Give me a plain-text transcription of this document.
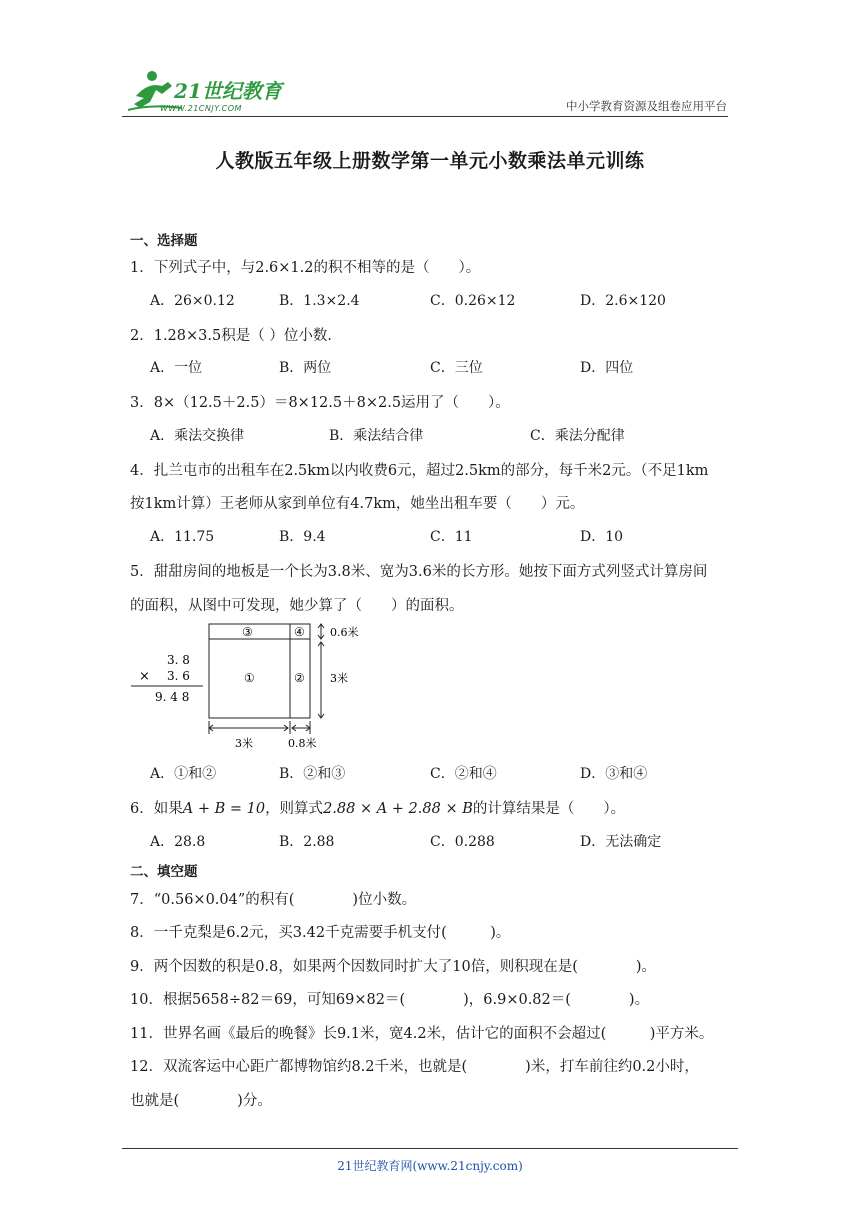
21世纪教育
WWW.21CNJY.COM	中小学教育资源及组卷应用平台
人教版五年级上册数学第一单元小数乘法单元训练
一、选择题
1．下列式子中，与2.6×1.2的积不相等的是（　　）。
A．26×0.12	B．1.3×2.4	C．0.26×12	D．2.6×120
2．1.28×3.5积是（ ）位小数．
A．一位	B．两位	C．三位	D．四位
3．8×（12.5＋2.5）＝8×12.5＋8×2.5运用了（　　）。
A．乘法交换律	B．乘法结合律	C．乘法分配律
4．扎兰屯市的出租车在2.5km以内收费6元，超过2.5km的部分，每千米2元。（不足1km
按1km计算）王老师从家到单位有4.7km，她坐出租车要（　　）元。
A．11.75	B．9.4	C．11	D．10
5．甜甜房间的地板是一个长为3.8米、宽为3.6米的长方形。她按下面方式列竖式计算房间
的面积，从图中可发现，她少算了（　　）的面积。
3. 8
× 3. 6
9. 4 8
③	④
①	②
0.6米
3米
3米	0.8米
A．①和②	B．②和③	C．②和④	D．③和④
6．如果A + B = 10，则算式2.88 × A + 2.88 × B的计算结果是（　　）。
A．28.8	B．2.88	C．0.288	D．无法确定
二、填空题
7．“0.56×0.04”的积有(　　　　)位小数。
8．一千克梨是6.2元，买3.42千克需要手机支付(　　　)。
9．两个因数的积是0.8，如果两个因数同时扩大了10倍，则积现在是(　　　　)。
10．根据5658÷82＝69，可知69×82＝(　　　　)，6.9×0.82＝(　　　　)。
11．世界名画《最后的晚餐》长9.1米，宽4.2米，估计它的面积不会超过(　　　)平方米。
12．双流客运中心距广都博物馆约8.2千米，也就是(　　　　)米，打车前往约0.2小时，
也就是(　　　　)分。
21世纪教育网(www.21cnjy.com)
